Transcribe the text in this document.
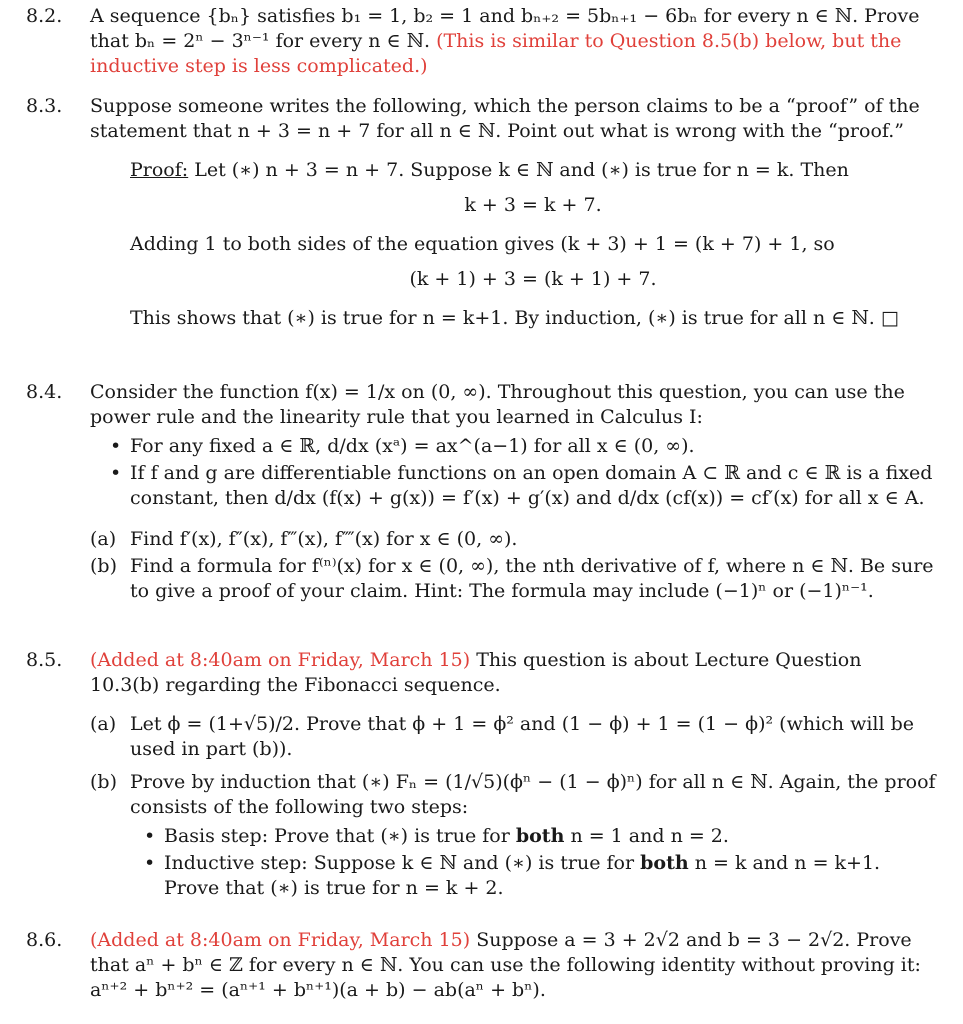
8.2.	A sequence {bₙ} satisfies b₁ = 1, b₂ = 1 and bₙ₊₂ = 5bₙ₊₁ − 6bₙ for every n ∈ ℕ. Prove that bₙ = 2ⁿ − 3ⁿ⁻¹ for every n ∈ ℕ. (This is similar to Question 8.5(b) below, but the inductive step is less complicated.)
8.3.	Suppose someone writes the following, which the person claims to be a “proof” of the statement that n + 3 = n + 7 for all n ∈ ℕ. Point out what is wrong with the “proof.”
Proof: Let (∗) n + 3 = n + 7. Suppose k ∈ ℕ and (∗) is true for n = k. Then
k + 3 = k + 7.
Adding 1 to both sides of the equation gives (k + 3) + 1 = (k + 7) + 1, so
(k + 1) + 3 = (k + 1) + 7.
This shows that (∗) is true for n = k+1. By induction, (∗) is true for all n ∈ ℕ. □
8.4.	Consider the function f(x) = 1/x on (0, ∞). Throughout this question, you can use the power rule and the linearity rule that you learned in Calculus I:
• For any fixed a ∈ ℝ, d/dx (xᵃ) = ax^(a−1) for all x ∈ (0, ∞).
• If f and g are differentiable functions on an open domain A ⊂ ℝ and c ∈ ℝ is a fixed constant, then d/dx (f(x) + g(x)) = f′(x) + g′(x) and d/dx (cf(x)) = cf′(x) for all x ∈ A.
(a) Find f′(x), f″(x), f‴(x), f⁗(x) for x ∈ (0, ∞).
(b) Find a formula for f⁽ⁿ⁾(x) for x ∈ (0, ∞), the nth derivative of f, where n ∈ ℕ. Be sure to give a proof of your claim. Hint: The formula may include (−1)ⁿ or (−1)ⁿ⁻¹.
8.5.	(Added at 8:40am on Friday, March 15) This question is about Lecture Question 10.3(b) regarding the Fibonacci sequence.
(a) Let ϕ = (1+√5)/2. Prove that ϕ + 1 = ϕ² and (1 − ϕ) + 1 = (1 − ϕ)² (which will be used in part (b)).
(b) Prove by induction that (∗) Fₙ = (1/√5)(ϕⁿ − (1 − ϕ)ⁿ) for all n ∈ ℕ. Again, the proof consists of the following two steps:
• Basis step: Prove that (∗) is true for both n = 1 and n = 2.
• Inductive step: Suppose k ∈ ℕ and (∗) is true for both n = k and n = k+1. Prove that (∗) is true for n = k + 2.
8.6.	(Added at 8:40am on Friday, March 15) Suppose a = 3 + 2√2 and b = 3 − 2√2. Prove that aⁿ + bⁿ ∈ ℤ for every n ∈ ℕ. You can use the following identity without proving it: aⁿ⁺² + bⁿ⁺² = (aⁿ⁺¹ + bⁿ⁺¹)(a + b) − ab(aⁿ + bⁿ).
